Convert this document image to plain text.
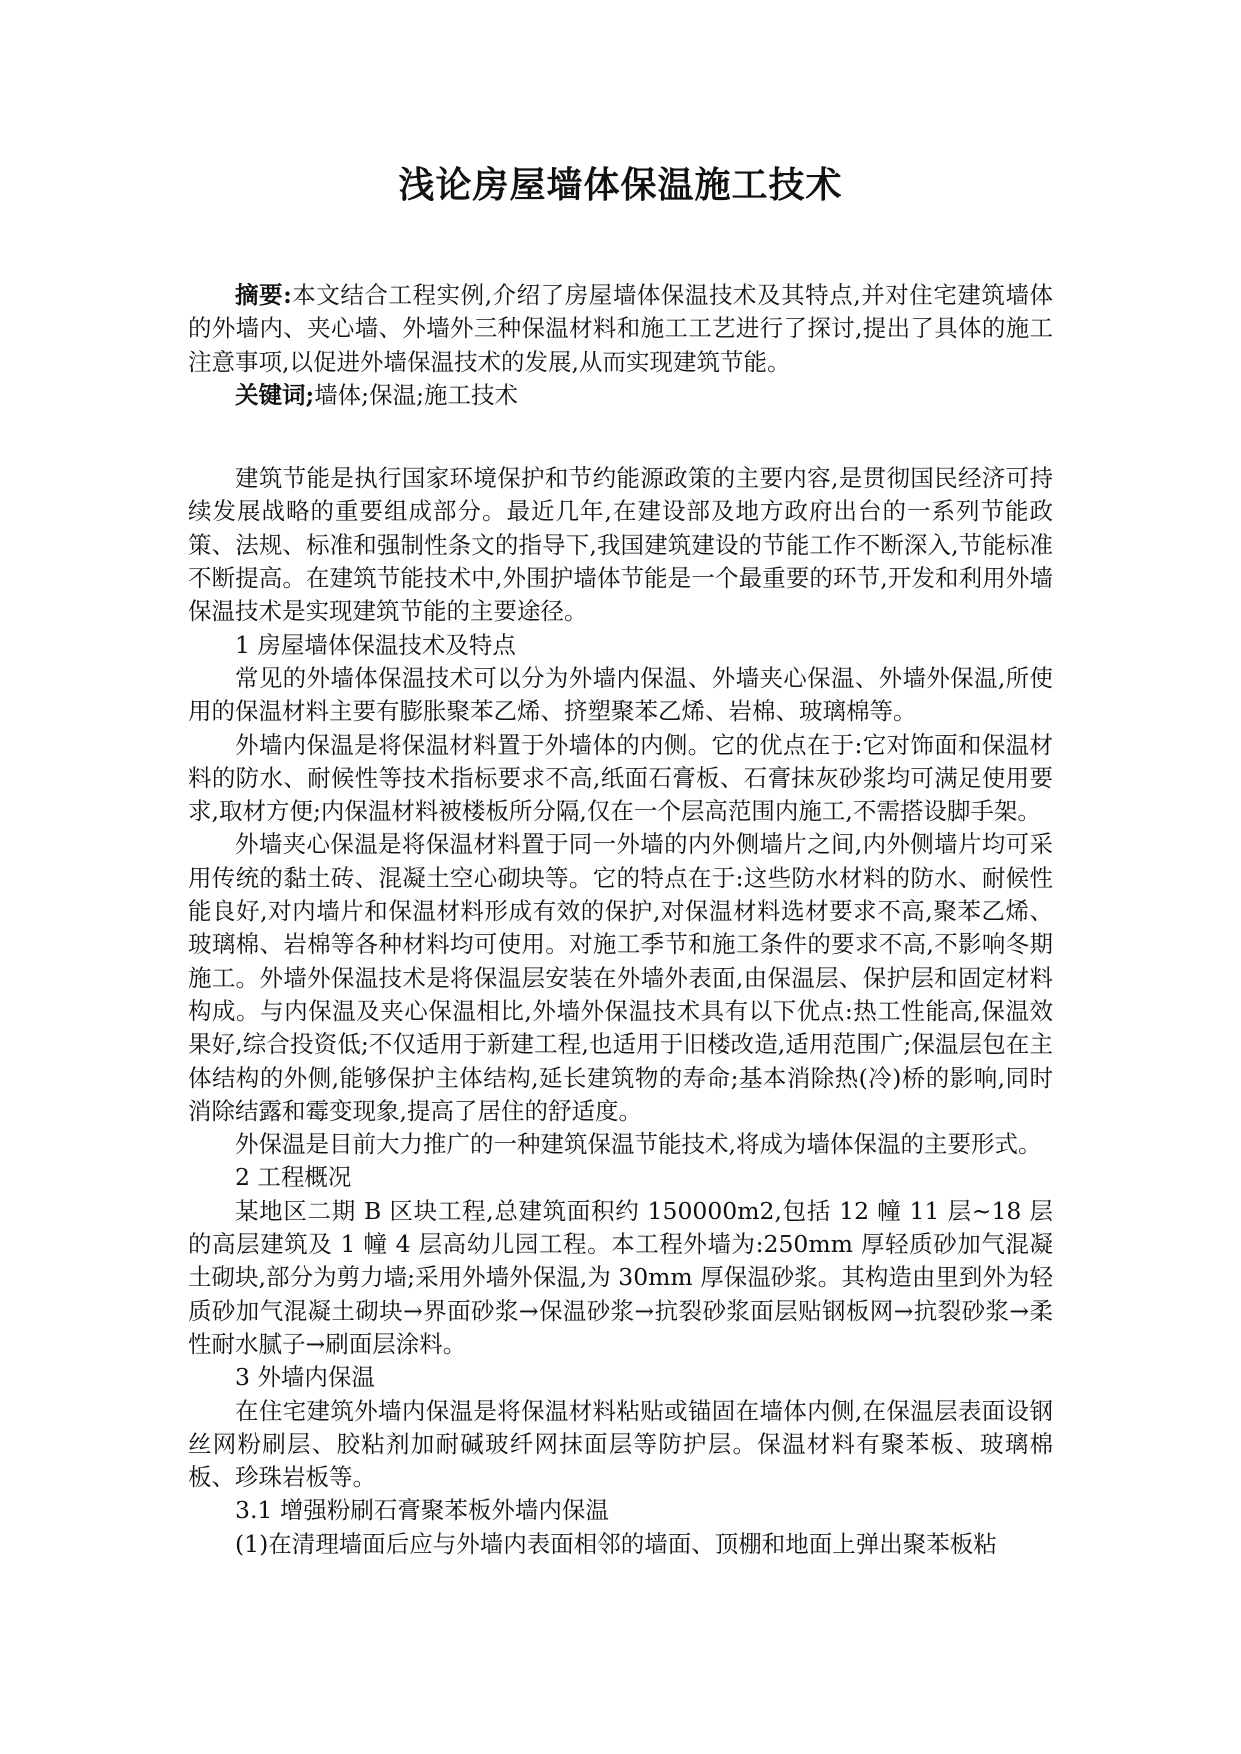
浅论房屋墙体保温施工技术

摘要:本文结合工程实例,介绍了房屋墙体保温技术及其特点,并对住宅建筑墙体的外墙内、夹心墙、外墙外三种保温材料和施工工艺进行了探讨,提出了具体的施工注意事项,以促进外墙保温技术的发展,从而实现建筑节能。

关键词;墙体;保温;施工技术

建筑节能是执行国家环境保护和节约能源政策的主要内容,是贯彻国民经济可持续发展战略的重要组成部分。最近几年,在建设部及地方政府出台的一系列节能政策、法规、标准和强制性条文的指导下,我国建筑建设的节能工作不断深入,节能标准不断提高。在建筑节能技术中,外围护墙体节能是一个最重要的环节,开发和利用外墙保温技术是实现建筑节能的主要途径。

1 房屋墙体保温技术及特点

常见的外墙体保温技术可以分为外墙内保温、外墙夹心保温、外墙外保温,所使用的保温材料主要有膨胀聚苯乙烯、挤塑聚苯乙烯、岩棉、玻璃棉等。

外墙内保温是将保温材料置于外墙体的内侧。它的优点在于:它对饰面和保温材料的防水、耐候性等技术指标要求不高,纸面石膏板、石膏抹灰砂浆均可满足使用要求,取材方便;内保温材料被楼板所分隔,仅在一个层高范围内施工,不需搭设脚手架。

外墙夹心保温是将保温材料置于同一外墙的内外侧墙片之间,内外侧墙片均可采用传统的黏土砖、混凝土空心砌块等。它的特点在于:这些防水材料的防水、耐候性能良好,对内墙片和保温材料形成有效的保护,对保温材料选材要求不高,聚苯乙烯、玻璃棉、岩棉等各种材料均可使用。对施工季节和施工条件的要求不高,不影响冬期施工。外墙外保温技术是将保温层安装在外墙外表面,由保温层、保护层和固定材料构成。与内保温及夹心保温相比,外墙外保温技术具有以下优点:热工性能高,保温效果好,综合投资低;不仅适用于新建工程,也适用于旧楼改造,适用范围广;保温层包在主体结构的外侧,能够保护主体结构,延长建筑物的寿命;基本消除热(冷)桥的影响,同时消除结露和霉变现象,提高了居住的舒适度。

外保温是目前大力推广的一种建筑保温节能技术,将成为墙体保温的主要形式。

2 工程概况

某地区二期 B 区块工程,总建筑面积约 150000m2,包括 12 幢 11 层~18 层的高层建筑及 1 幢 4 层高幼儿园工程。本工程外墙为:250mm 厚轻质砂加气混凝土砌块,部分为剪力墙;采用外墙外保温,为 30mm 厚保温砂浆。其构造由里到外为轻质砂加气混凝土砌块→界面砂浆→保温砂浆→抗裂砂浆面层贴钢板网→抗裂砂浆→柔性耐水腻子→刷面层涂料。

3 外墙内保温

在住宅建筑外墙内保温是将保温材料粘贴或锚固在墙体内侧,在保温层表面设钢丝网粉刷层、胶粘剂加耐碱玻纤网抹面层等防护层。保温材料有聚苯板、玻璃棉板、珍珠岩板等。

3.1 增强粉刷石膏聚苯板外墙内保温

(1)在清理墙面后应与外墙内表面相邻的墙面、顶棚和地面上弹出聚苯板粘
